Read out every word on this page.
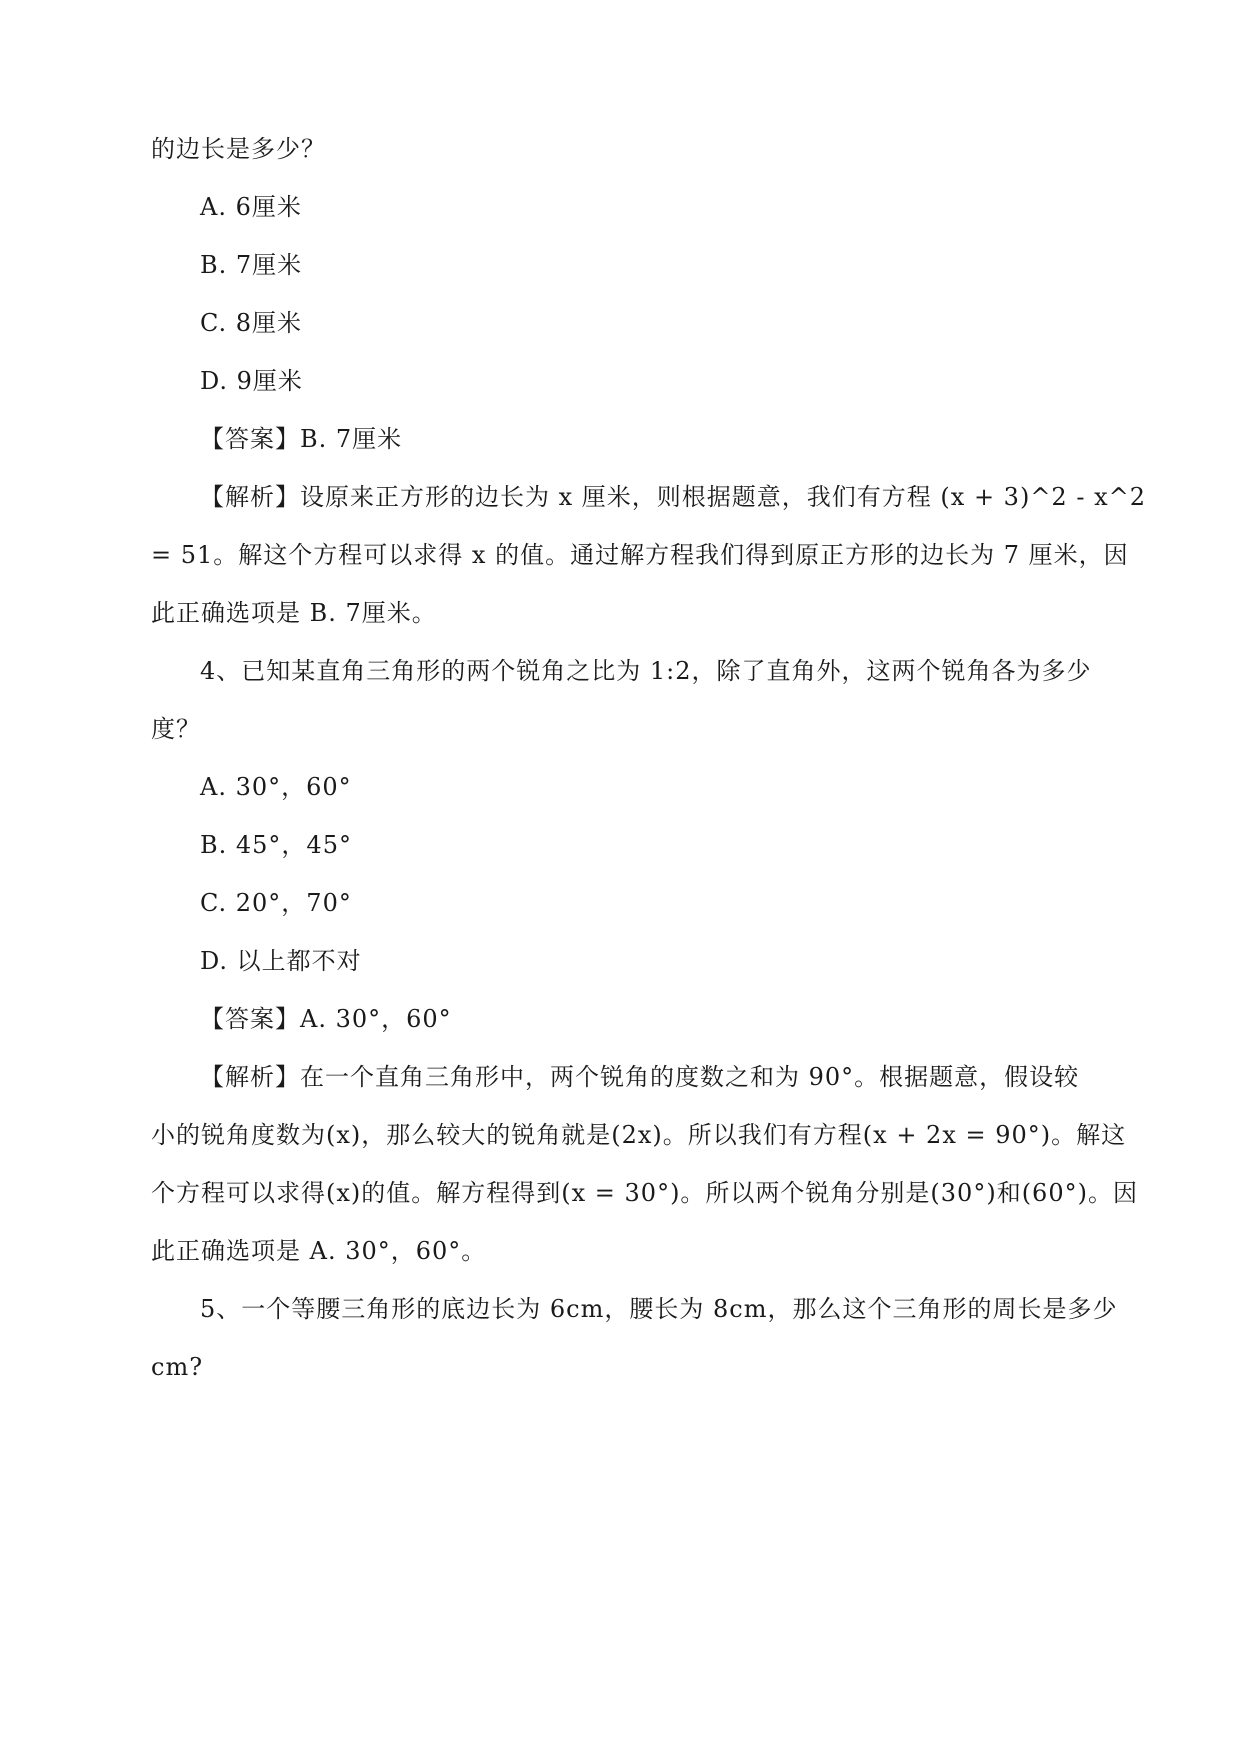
的边长是多少？
A. 6厘米
B. 7厘米
C. 8厘米
D. 9厘米
【答案】B. 7厘米
【解析】设原来正方形的边长为 x 厘米，则根据题意，我们有方程 (x + 3)^2 - x^2
= 51。解这个方程可以求得 x 的值。通过解方程我们得到原正方形的边长为 7 厘米，因
此正确选项是 B. 7厘米。
4、已知某直角三角形的两个锐角之比为 1:2，除了直角外，这两个锐角各为多少
度？
A. 30°，60°
B. 45°，45°
C. 20°，70°
D. 以上都不对
【答案】A. 30°，60°
【解析】在一个直角三角形中，两个锐角的度数之和为 90°。根据题意，假设较
小的锐角度数为(x)，那么较大的锐角就是(2x)。所以我们有方程(x + 2x = 90°)。解这
个方程可以求得(x)的值。解方程得到(x = 30°)。所以两个锐角分别是(30°)和(60°)。因
此正确选项是 A. 30°，60°。
5、一个等腰三角形的底边长为 6cm，腰长为 8cm，那么这个三角形的周长是多少
cm?
